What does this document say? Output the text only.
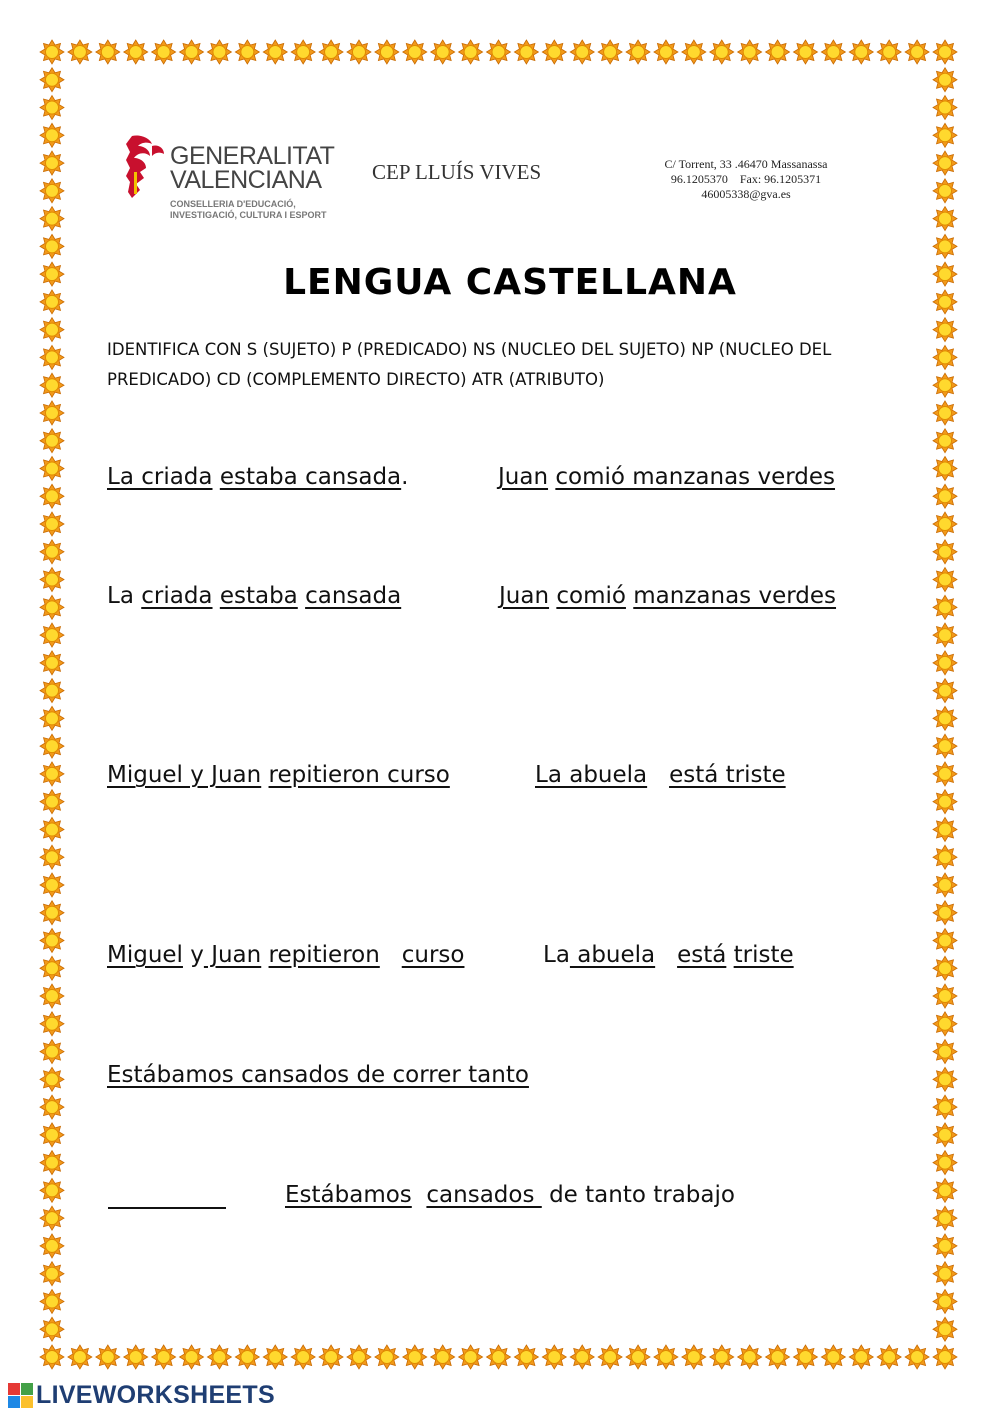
GENERALITAT
VALENCIANA
CONSELLERIA D'EDUCACIÓ,
INVESTIGACIÓ, CULTURA I ESPORT
CEP LLUÍS VIVES	C/ Torrent, 33 .46470 Massanassa
96.1205370    Fax: 96.1205371
46005338@gva.es
LENGUA CASTELLANA
IDENTIFICA CON S (SUJETO) P (PREDICADO) NS (NUCLEO DEL SUJETO) NP (NUCLEO DEL PREDICADO) CD (COMPLEMENTO DIRECTO) ATR (ATRIBUTO)
La criada estaba cansada.	Juan comió manzanas verdes
La criada estaba cansada	Juan comió manzanas verdes
Miguel y Juan repitieron curso	La abuela está triste
Miguel y Juan repitieron curso	La abuela está triste
Estábamos cansados de correr tanto
Estábamos cansados  de tanto trabajo
LIVEWORKSHEETS
